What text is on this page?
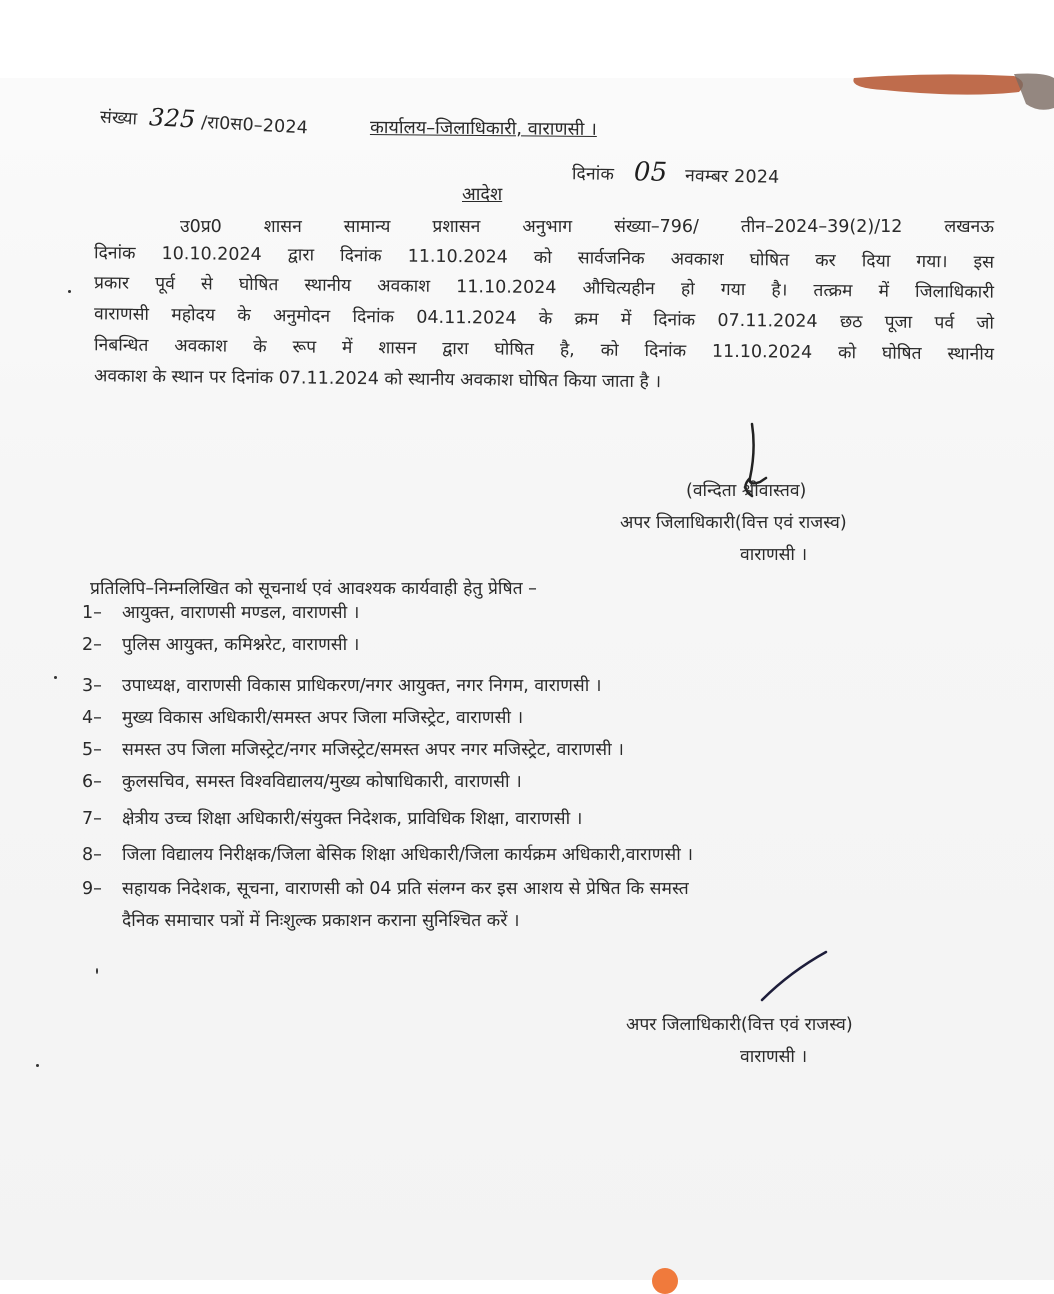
संख्या 325 /रा0स0–2024	कार्यालय–जिलाधिकारी, वाराणसी ।
दिनांक 05 नवम्बर 2024
आदेश
उ0प्र0 शासन सामान्य प्रशासन अनुभाग संख्या–796/ तीन–2024–39(2)/12 लखनऊ
दिनांक 10.10.2024 द्वारा दिनांक 11.10.2024 को सार्वजनिक अवकाश घोषित कर दिया गया। इस
प्रकार पूर्व से घोषित स्थानीय अवकाश 11.10.2024 औचित्यहीन हो गया है। तत्क्रम में जिलाधिकारी
वाराणसी महोदय के अनुमोदन दिनांक 04.11.2024 के क्रम में दिनांक 07.11.2024 छठ पूजा पर्व जो
निबन्धित अवकाश के रूप में शासन द्वारा घोषित है, को दिनांक 11.10.2024 को घोषित स्थानीय
अवकाश के स्थान पर दिनांक 07.11.2024 को स्थानीय अवकाश घोषित किया जाता है ।
(वन्दिता श्रीवास्तव)
अपर जिलाधिकारी(वित्त एवं राजस्व)
वाराणसी ।
प्रतिलिपि–निम्नलिखित को सूचनार्थ एवं आवश्यक कार्यवाही हेतु प्रेषित –
1– आयुक्त, वाराणसी मण्डल, वाराणसी ।
2– पुलिस आयुक्त, कमिश्नरेट, वाराणसी ।
3– उपाध्यक्ष, वाराणसी विकास प्राधिकरण/नगर आयुक्त, नगर निगम, वाराणसी ।
4– मुख्य विकास अधिकारी/समस्त अपर जिला मजिस्ट्रेट, वाराणसी ।
5– समस्त उप जिला मजिस्ट्रेट/नगर मजिस्ट्रेट/समस्त अपर नगर मजिस्ट्रेट, वाराणसी ।
6– कुलसचिव, समस्त विश्वविद्यालय/मुख्य कोषाधिकारी, वाराणसी ।
7– क्षेत्रीय उच्च शिक्षा अधिकारी/संयुक्त निदेशक, प्राविधिक शिक्षा, वाराणसी ।
8– जिला विद्यालय निरीक्षक/जिला बेसिक शिक्षा अधिकारी/जिला कार्यक्रम अधिकारी,वाराणसी ।
9– सहायक निदेशक, सूचना, वाराणसी को 04 प्रति संलग्न कर इस आशय से प्रेषित कि समस्त
दैनिक समाचार पत्रों में निःशुल्क प्रकाशन कराना सुनिश्चित करें ।
अपर जिलाधिकारी(वित्त एवं राजस्व)
वाराणसी ।
